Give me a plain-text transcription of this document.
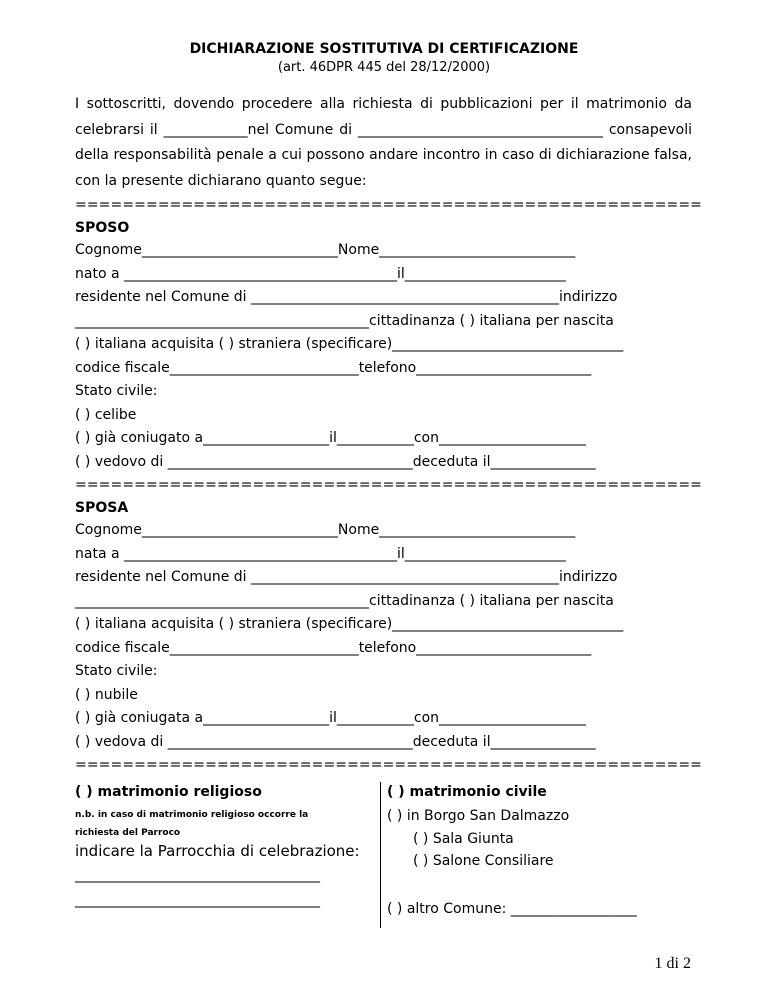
DICHIARAZIONE SOSTITUTIVA DI CERTIFICAZIONE
(art. 46DPR 445 del 28/12/2000)
I sottoscritti, dovendo procedere alla richiesta di pubblicazioni per il matrimonio da celebrarsi il ____________nel Comune di ___________________________________ consapevoli della responsabilità penale a cui possono andare incontro in caso di dichiarazione falsa, con la presente dichiarano quanto segue:
=====================================================
SPOSO
Cognome____________________________Nome____________________________
nato a _______________________________________il_______________________
residente nel Comune di ____________________________________________indirizzo
__________________________________________cittadinanza ( ) italiana per nascita
( ) italiana acquisita ( ) straniera (specificare)_________________________________
codice fiscale___________________________telefono_________________________
Stato civile:
( ) celibe
( ) già coniugato a__________________il___________con_____________________
( ) vedovo di ___________________________________deceduta il_______________
=====================================================
SPOSA
Cognome____________________________Nome____________________________
nata a _______________________________________il_______________________
residente nel Comune di ____________________________________________indirizzo
__________________________________________cittadinanza ( ) italiana per nascita
( ) italiana acquisita ( ) straniera (specificare)_________________________________
codice fiscale___________________________telefono_________________________
Stato civile:
( ) nubile
( ) già coniugata a__________________il___________con_____________________
( ) vedova di ___________________________________deceduta il_______________
=====================================================
( ) matrimonio religioso
n.b. in caso di matrimonio religioso occorre la
richiesta del Parroco
indicare la Parrocchia di celebrazione:
___________________________________
___________________________________
( ) matrimonio civile
( ) in Borgo San Dalmazzo
( ) Sala Giunta
( ) Salone Consiliare
( ) altro Comune: __________________
1 di 2
